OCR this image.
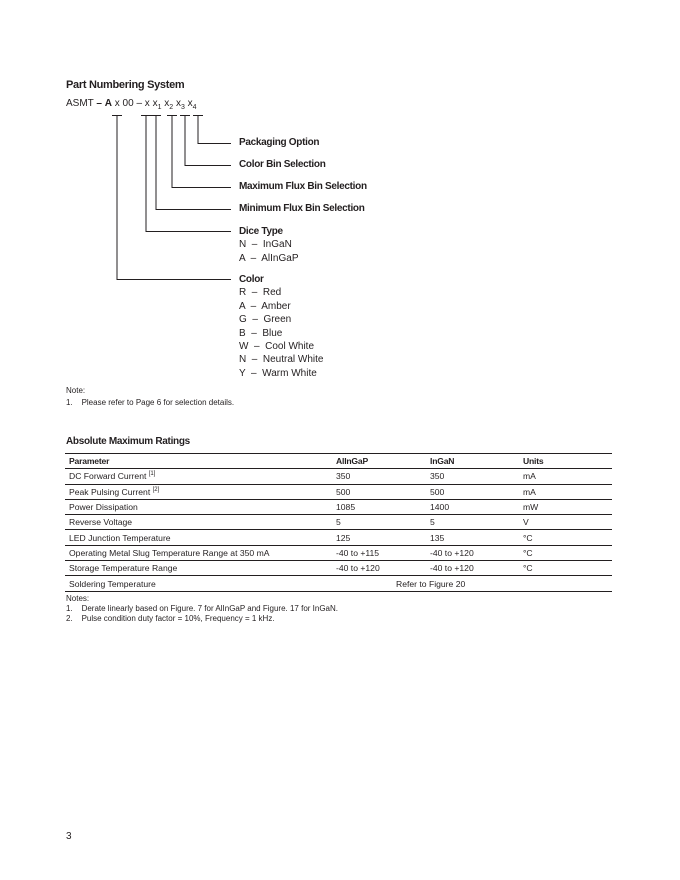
Part Numbering System
ASMT – A x 00 – x $x_1$ $x_2$ $x_3$ $x_4$
Packaging Option
Color Bin Selection
Maximum Flux Bin Selection
Minimum Flux Bin Selection
Dice Type
N  –  InGaN
A  –  AlInGaP
Color
R  –  Red
A  –  Amber
G  –  Green
B  –  Blue
W  –  Cool White
N  –  Neutral White
Y  –  Warm White
Note:
1.    Please refer to Page 6 for selection details.
Absolute Maximum Ratings
Parameter	AlInGaP	InGaN	Units
DC Forward Current [1]	350	350	mA
Peak Pulsing Current [2]	500	500	mA
Power Dissipation	1085	1400	mW
Reverse Voltage	5	5	V
LED Junction Temperature	125	135	°C
Operating Metal Slug Temperature Range at 350 mA	-40 to +115	-40 to +120	°C
Storage Temperature Range	-40 to +120	-40 to +120	°C
Soldering Temperature	Refer to Figure 20		
Notes:
1.    Derate linearly based on Figure. 7 for AlInGaP and Figure. 17 for InGaN.
2.    Pulse condition duty factor = 10%, Frequency = 1 kHz.
3
